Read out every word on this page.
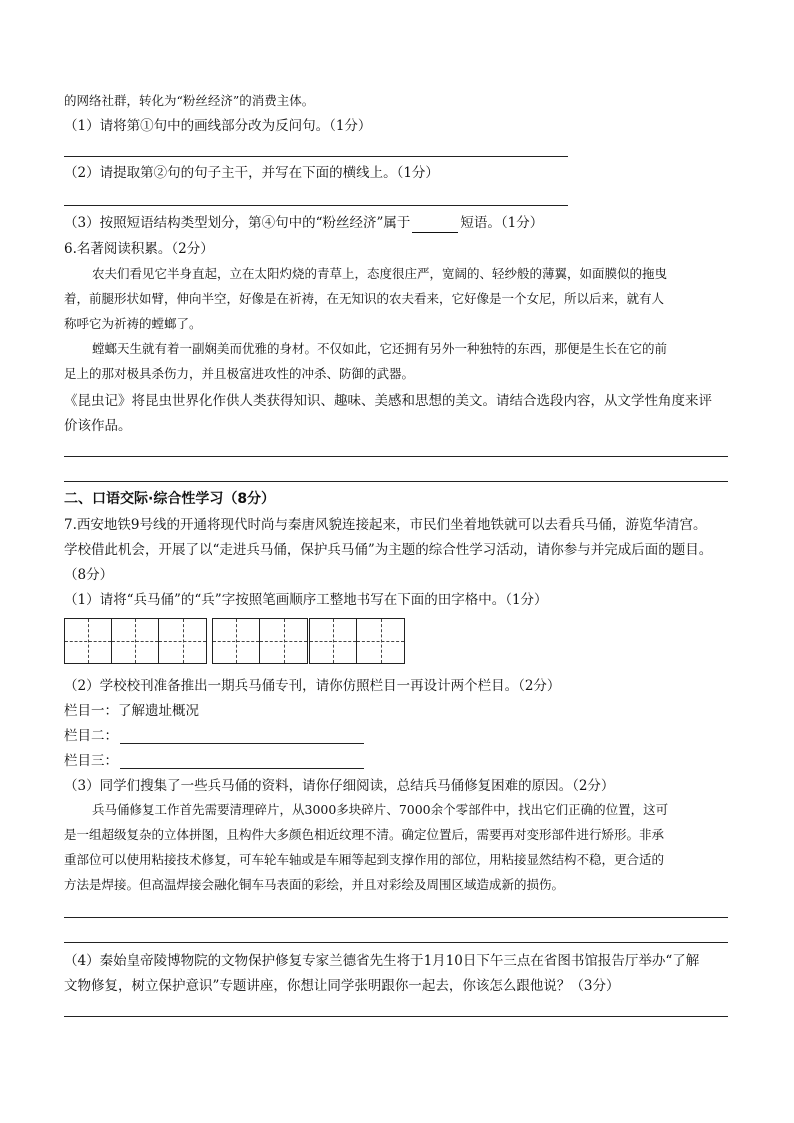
的网络社群，转化为“粉丝经济”的消费主体。
（1）请将第①句中的画线部分改为反问句。（1分）
（2）请提取第②句的句子主干，并写在下面的横线上。（1分）
（3）按照短语结构类型划分，第④句中的“粉丝经济”属于	短语。（1分）
6.名著阅读积累。（2分）
农夫们看见它半身直起，立在太阳灼烧的青草上，态度很庄严，宽阔的、轻纱般的薄翼，如面膜似的拖曳
着，前腿形状如臂，伸向半空，好像是在祈祷，在无知识的农夫看来，它好像是一个女尼，所以后来，就有人
称呼它为祈祷的螳螂了。
螳螂天生就有着一副娴美而优雅的身材。不仅如此，它还拥有另外一种独特的东西，那便是生长在它的前
足上的那对极具杀伤力，并且极富进攻性的冲杀、防御的武器。
《昆虫记》将昆虫世界化作供人类获得知识、趣味、美感和思想的美文。请结合选段内容，从文学性角度来评
价该作品。
二、口语交际·综合性学习（8分）
7.西安地铁9号线的开通将现代时尚与秦唐风貌连接起来，市民们坐着地铁就可以去看兵马俑，游览华清宫。
学校借此机会，开展了以“走进兵马俑，保护兵马俑”为主题的综合性学习活动，请你参与并完成后面的题目。
（8分）
（1）请将“兵马俑”的“兵”字按照笔画顺序工整地书写在下面的田字格中。（1分）
（2）学校校刊准备推出一期兵马俑专刊，请你仿照栏目一再设计两个栏目。（2分）
栏目一：了解遗址概况
栏目二：
栏目三：
（3）同学们搜集了一些兵马俑的资料，请你仔细阅读，总结兵马俑修复困难的原因。（2分）
兵马俑修复工作首先需要清理碎片，从3000多块碎片、7000余个零部件中，找出它们正确的位置，这可
是一组超级复杂的立体拼图，且构件大多颜色相近纹理不清。确定位置后，需要再对变形部件进行矫形。非承
重部位可以使用粘接技术修复，可车轮车轴或是车厢等起到支撑作用的部位，用粘接显然结构不稳，更合适的
方法是焊接。但高温焊接会融化铜车马表面的彩绘，并且对彩绘及周围区域造成新的损伤。
（4）秦始皇帝陵博物院的文物保护修复专家兰德省先生将于1月10日下午三点在省图书馆报告厅举办“了解
文物修复，树立保护意识”专题讲座，你想让同学张明跟你一起去，你该怎么跟他说？（3分）
